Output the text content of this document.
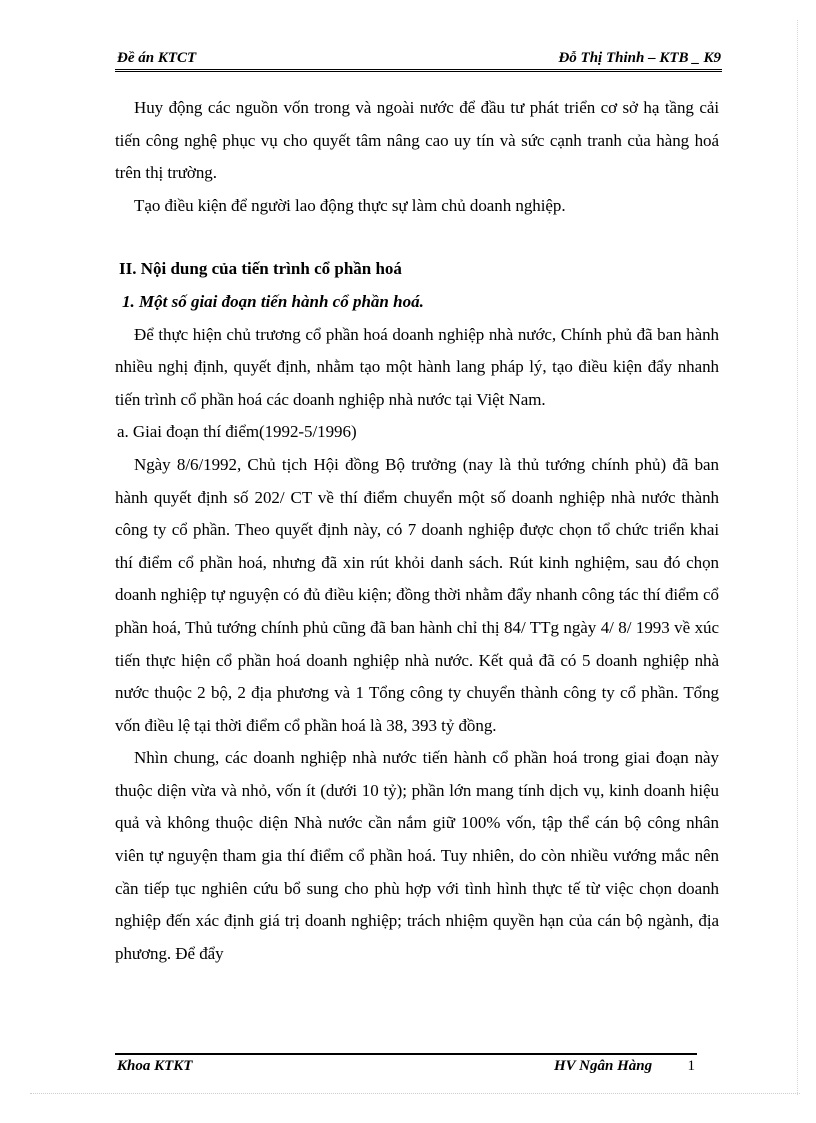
Đề án KTCT	Đỗ Thị Thinh – KTB _ K9

Huy động các nguồn vốn trong và ngoài nước để đầu tư phát triển cơ sở hạ tầng cải tiến công nghệ phục vụ cho quyết tâm nâng cao uy tín và sức cạnh tranh của hàng hoá trên thị trường.

Tạo điều kiện để người lao động thực sự làm chủ doanh nghiệp.

II. Nội dung của tiến trình cổ phần hoá

1. Một số giai đoạn tiến hành cổ phần hoá.

Để thực hiện chủ trương cổ phần hoá doanh nghiệp nhà nước, Chính phủ đã ban hành nhiều nghị định, quyết định, nhằm tạo một hành lang pháp lý, tạo điều kiện đẩy nhanh tiến trình cổ phần hoá các doanh nghiệp nhà nước tại Việt Nam.

a. Giai đoạn thí điểm(1992-5/1996)

Ngày 8/6/1992, Chủ tịch Hội đồng Bộ trưởng (nay là thủ tướng chính phủ) đã ban hành quyết định số 202/ CT về thí điểm chuyển một số doanh nghiệp nhà nước thành công ty cổ phần. Theo quyết định này, có 7 doanh nghiệp được chọn tổ chức triển khai thí điểm cổ phần hoá, nhưng đã xin rút khỏi danh sách. Rút kinh nghiệm, sau đó chọn doanh nghiệp tự nguyện có đủ điều kiện; đồng thời nhằm đẩy nhanh công tác thí điểm cổ phần hoá, Thủ tướng chính phủ cũng đã ban hành chỉ thị 84/ TTg ngày 4/ 8/ 1993 về xúc tiến thực hiện cổ phần hoá doanh nghiệp nhà nước. Kết quả đã có 5 doanh nghiệp nhà nước thuộc 2 bộ, 2 địa phương và 1 Tổng công ty chuyển thành công ty cổ phần. Tổng vốn điều lệ tại thời điểm cổ phần hoá là 38, 393 tỷ đồng.

Nhìn chung, các doanh nghiệp nhà nước tiến hành cổ phần hoá trong giai đoạn này thuộc diện vừa và nhỏ, vốn ít (dưới 10 tỷ); phần lớn mang tính dịch vụ, kinh doanh hiệu quả và không thuộc diện Nhà nước cần nắm giữ 100% vốn, tập thể cán bộ công nhân viên tự nguyện tham gia thí điểm cổ phần hoá. Tuy nhiên, do còn nhiều vướng mắc nên cần tiếp tục nghiên cứu bổ sung cho phù hợp với tình hình thực tế từ việc chọn doanh nghiệp đến xác định giá trị doanh nghiệp; trách nhiệm quyền hạn của cán bộ ngành, địa phương. Để đẩy

Khoa KTKT	HV Ngân Hàng 1
